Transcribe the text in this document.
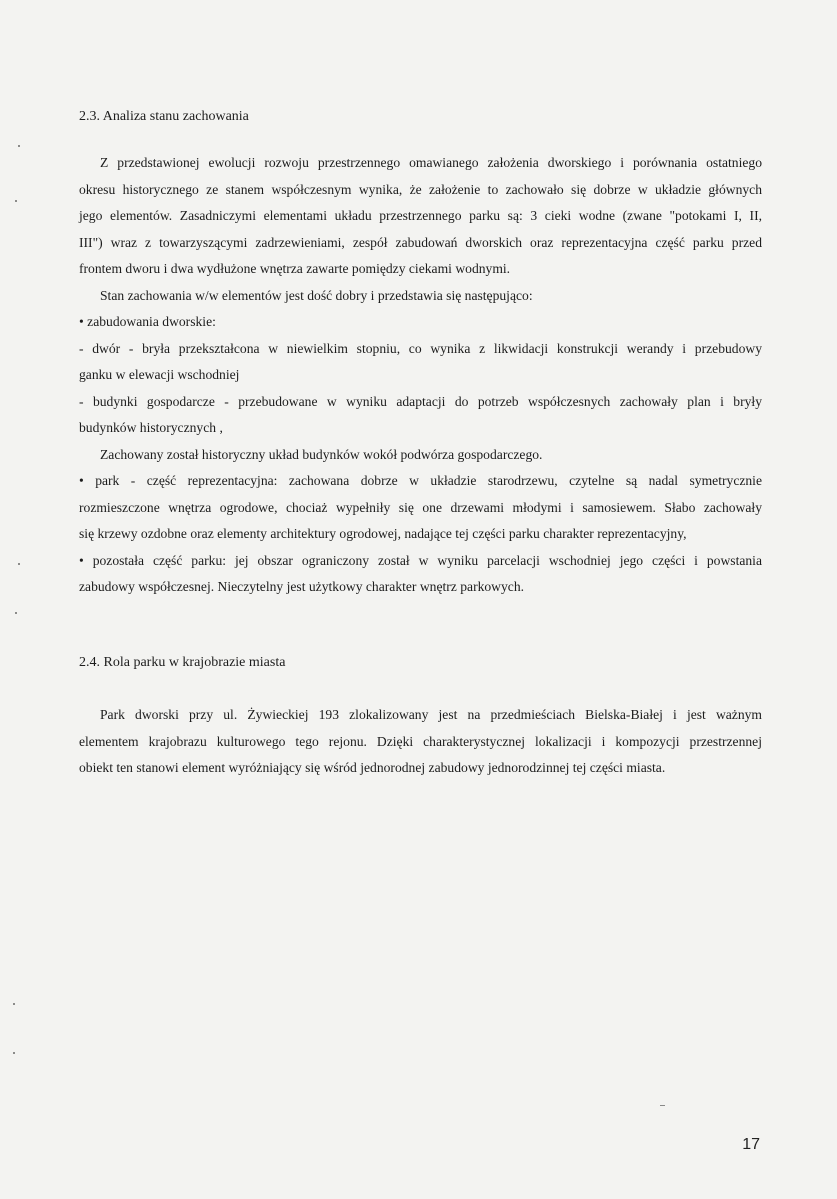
2.3. Analiza stanu zachowania
Z przedstawionej ewolucji rozwoju przestrzennego omawianego założenia dworskiego i porównania ostatniego
okresu historycznego ze stanem współczesnym wynika, że założenie to zachowało się dobrze w układzie głównych
jego elementów. Zasadniczymi elementami układu przestrzennego parku są: 3 cieki wodne (zwane "potokami I, II,
III") wraz z towarzyszącymi zadrzewieniami, zespół zabudowań dworskich oraz reprezentacyjna część parku przed
frontem dworu i dwa wydłużone wnętrza zawarte pomiędzy ciekami wodnymi.
Stan zachowania w/w elementów jest dość dobry i przedstawia się następująco:
• zabudowania dworskie:
- dwór - bryła przekształcona w niewielkim stopniu, co wynika z likwidacji konstrukcji werandy i przebudowy
ganku w elewacji wschodniej
- budynki gospodarcze - przebudowane w wyniku adaptacji do potrzeb współczesnych zachowały plan i bryły
budynków historycznych ,
Zachowany został historyczny układ budynków wokół podwórza gospodarczego.
• park - część reprezentacyjna: zachowana dobrze w układzie starodrzewu, czytelne są nadal symetrycznie
rozmieszczone wnętrza ogrodowe, chociaż wypełniły się one drzewami młodymi i samosiewem. Słabo zachowały
się krzewy ozdobne oraz elementy architektury ogrodowej, nadające tej części parku charakter reprezentacyjny,
• pozostała część parku: jej obszar ograniczony został w wyniku parcelacji wschodniej jego części i powstania
zabudowy współczesnej. Nieczytelny jest użytkowy charakter wnętrz parkowych.
2.4. Rola parku w krajobrazie miasta
Park dworski przy ul. Żywieckiej 193 zlokalizowany jest na przedmieściach Bielska-Białej i jest ważnym
elementem krajobrazu kulturowego tego rejonu. Dzięki charakterystycznej lokalizacji i kompozycji przestrzennej
obiekt ten stanowi element wyróżniający się wśród jednorodnej zabudowy jednorodzinnej tej części miasta.
17
